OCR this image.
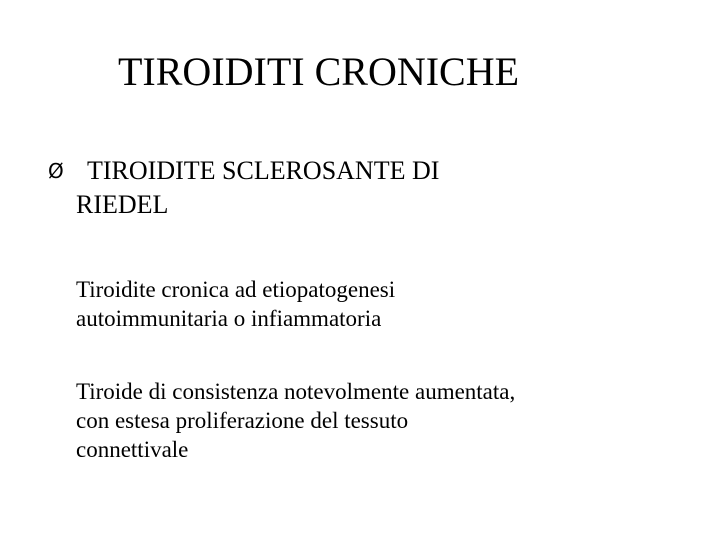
TIROIDITI CRONICHE
Ø TIROIDITE SCLEROSANTE DI
RIEDEL
Tiroidite cronica ad etiopatogenesi
autoimmunitaria o infiammatoria
Tiroide di consistenza notevolmente aumentata,
con estesa proliferazione del tessuto
connettivale
